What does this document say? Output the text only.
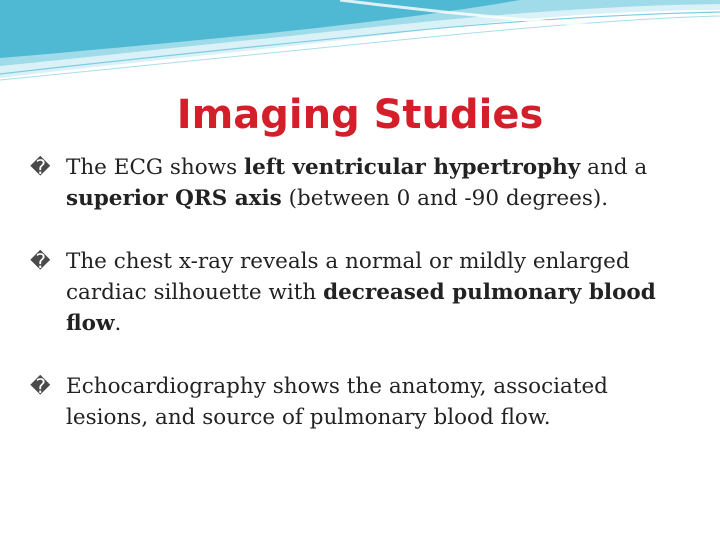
Imaging Studies
� The ECG shows left ventricular hypertrophy and a superior QRS axis (between 0 and -90 degrees).
� The chest x-ray reveals a normal or mildly enlarged cardiac silhouette with decreased pulmonary blood flow.
� Echocardiography shows the anatomy, associated lesions, and source of pulmonary blood flow.
